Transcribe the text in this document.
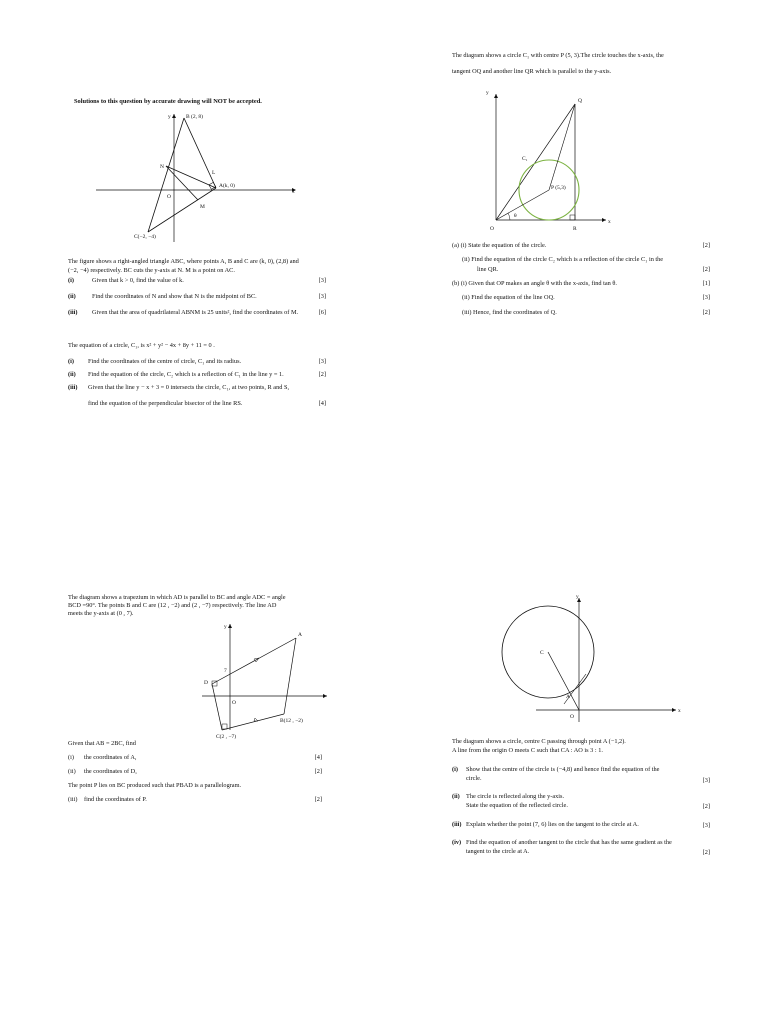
Solutions to this question by accurate drawing will NOT be accepted.
y	B (2, 8)
N
L
A(k, 0)
O
x
M
C(−2, −4)
The figure shows a right-angled triangle ABC, where points A, B and C are (k, 0), (2,8) and
(−2, −4) respectively. BC cuts the y-axis at N. M is a point on AC.
(i)	Given that k > 0, find the value of k.	[3]
(ii)	Find the coordinates of N and show that N is the midpoint of BC.	[3]
(iii) Given that the area of quadrilateral ABNM is 25 units², find the coordinates of M.	[6]
The equation of a circle, C₁, is x² + y² − 4x + 8y + 11 = 0 .
(i) Find the coordinates of the centre of circle, C₁ and its radius.	[3]
(ii) Find the equation of the circle, C₂ which is a reflection of C₁ in the line y = 1.	[2]
(iii) Given that the line y − x + 3 = 0 intersects the circle, C₁, at two points, R and S,
find the equation of the perpendicular bisector of the line RS.	[4]
The diagram shows a circle C₁ with centre P (5, 3).The circle touches the x-axis, the
tangent OQ and another line QR which is parallel to the y-axis.
y
Q
C₁
P (5,3)
θ
O	R
x
(a) (i) State the equation of the circle.	[2]
(ii) Find the equation of the circle C₂ which is a reflection of the circle C₁ in the
line QR.	[2]
(b) (i) Given that OP makes an angle θ with the x-axis, find tan θ.	[1]
(ii) Find the equation of the line OQ.	[3]
(iii) Hence, find the coordinates of Q.	[2]
The diagram shows a trapezium in which AD is parallel to BC and angle ADC = angle
BCD =90°. The points B and C are (12 , −2) and (2 , −7) respectively. The line AD
meets the y-axis at (0 , 7).
y
A
7
D
O
B(12 , −2)
C(2 , −7)
Given that AB = 2BC, find
(i) the coordinates of A,	[4]
(ii) the coordinates of D,	[2]
The point P lies on BC produced such that PBAD is a parallelogram.
(iii) find the coordinates of P.	[2]
y
C
A
O
x
The diagram shows a circle, centre C passing through point A (−1,2).
A line from the origin O meets C such that CA : AO is 3 : 1.
(i) Show that the centre of the circle is (−4,8) and hence find the equation of the
circle.	[3]
(ii) The circle is reflected along the y-axis.
State the equation of the reflected circle.	[2]
(iii) Explain whether the point (7, 6) lies on the tangent to the circle at A.	[3]
(iv) Find the equation of another tangent to the circle that has the same gradient as the
tangent to the circle at A.	[2]
